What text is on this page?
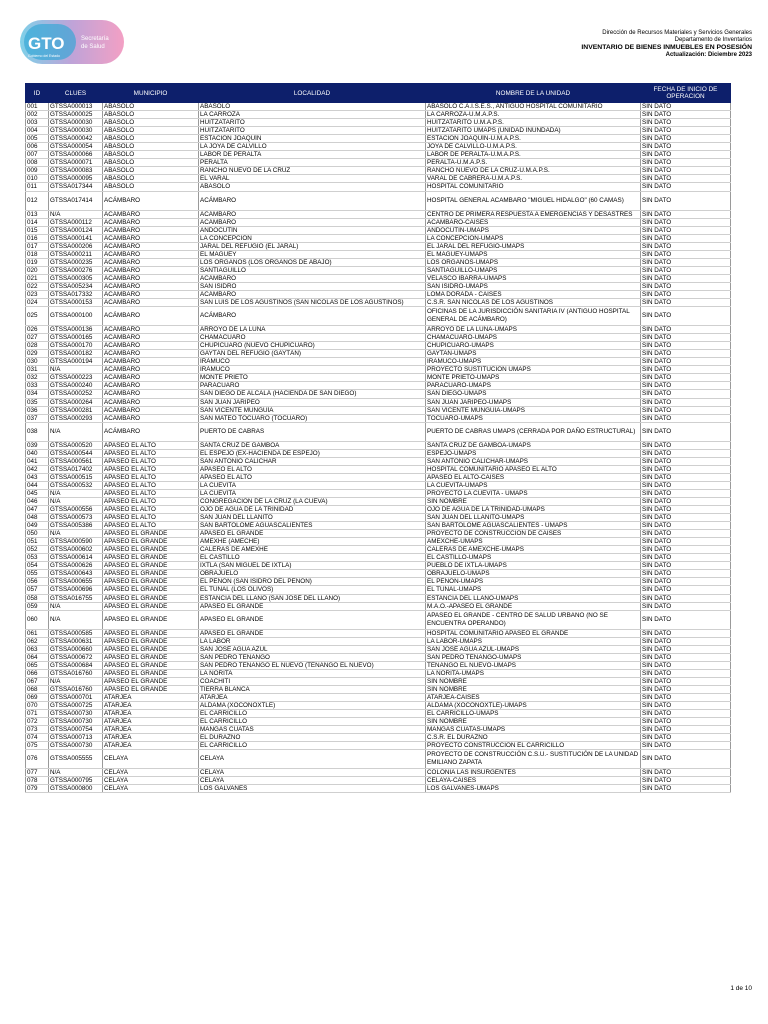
GTO
Gobierno del Estado
Secretaría
de Salud
Dirección de Recursos Materiales y Servicios Generales
Departamento de Inventarios
INVENTARIO DE BIENES INMUEBLES EN POSESIÓN
Actualización: Diciembre 2023
ID	CLUES	MUNICIPIO	LOCALIDAD	NOMBRE DE LA UNIDAD	FECHA DE INICIO DE OPERACION
001	GTSSA000013	ABASOLO	ABASOLO	ABASOLO C.A.I.S.E.S., ANTIGUO HOSPITAL COMUNITARIO	SIN DATO
002	GTSSA000025	ABASOLO	LA CARROZA	LA CARROZA-U.M.A.P.S.	SIN DATO
003	GTSSA000030	ABASOLO	HUITZATARITO	HUITZATARITO U.M.A.P.S.	SIN DATO
004	GTSSA000030	ABASOLO	HUITZATARITO	HUITZATARITO UMAPS (UNIDAD INUNDADA)	SIN DATO
005	GTSSA000042	ABASOLO	ESTACIÓN JOAQUÍN	ESTACIÓN JOAQUÍN-U.M.A.P.S.	SIN DATO
006	GTSSA000054	ABASOLO	LA JOYA DE CALVILLO	JOYA DE CALVILLO-U.M.A.P.S.	SIN DATO
007	GTSSA000066	ABASOLO	LABOR DE PERALTA	LABOR DE PERALTA-U.M.A.P.S.	SIN DATO
008	GTSSA000071	ABASOLO	PERALTA	PERALTA-U.M.A.P.S.	SIN DATO
009	GTSSA000083	ABASOLO	RANCHO NUEVO DE LA CRUZ	RANCHO NUEVO DE LA CRUZ-U.M.A.P.S.	SIN DATO
010	GTSSA000095	ABASOLO	EL VARAL	VARAL DE CABRERA-U.M.A.P.S.	SIN DATO
011	GTSSA017344	ABASOLO	ABASOLO	HOSPITAL COMUNITARIO	SIN DATO
012	GTSSA017414	ACÁMBARO	ACÁMBARO	HOSPITAL GENERAL ACAMBARO "MIGUEL HIDALGO" (60 CAMAS)	SIN DATO
013	N/A	ACÁMBARO	ACÁMBARO	CENTRO DE PRIMERA RESPUESTA A EMERGENCIAS Y DESASTRES	SIN DATO
014	GTSSA000112	ACÁMBARO	ACÁMBARO	ACAMBARO-CAISES	SIN DATO
015	GTSSA000124	ACÁMBARO	ANDOCUTÍN	ANDOCUTIN-UMAPS	SIN DATO
016	GTSSA000141	ACÁMBARO	LA CONCEPCIÓN	LA CONCEPCIÓN-UMAPS	SIN DATO
017	GTSSA000206	ACÁMBARO	JARAL DEL REFUGIO (EL JARAL)	EL JARAL DEL REFUGIO-UMAPS	SIN DATO
018	GTSSA000211	ACÁMBARO	EL MAGUEY	EL MAGUEY-UMAPS	SIN DATO
019	GTSSA000235	ACÁMBARO	LOS ÓRGANOS (LOS ÓRGANOS DE ABAJO)	LOS ORGANOS-UMAPS	SIN DATO
020	GTSSA000276	ACÁMBARO	SANTIAGUILLO	SANTIAGUILLO-UMAPS	SIN DATO
021	GTSSA000305	ACÁMBARO	ACÁMBARO	VELASCO IBARRA-UMAPS	SIN DATO
022	GTSSA005234	ACÁMBARO	SAN ISIDRO	SAN ISIDRO-UMAPS	SIN DATO
023	GTSSA017332	ACÁMBARO	ACÁMBARO	LOMA DORADA - CAISES	SIN DATO
024	GTSSA000153	ACÁMBARO	SAN LUIS DE LOS AGUSTINOS (SAN NICOLAS DE LOS AGUSTINOS)	C.S.R. SAN NICOLAS DE LOS AGUSTINOS	SIN DATO
025	GTSSA000100	ACÁMBARO	ACÁMBARO	OFICINAS DE LA JURISDICCIÓN SANITARIA IV (ANTIGUO HOSPITAL GENERAL DE ACÁMBARO)	SIN DATO
026	GTSSA000136	ACÁMBARO	ARROYO DE LA LUNA	ARROYO DE LA LUNA-UMAPS	SIN DATO
027	GTSSA000165	ACÁMBARO	CHAMÁCUARO	CHAMACUARO-UMAPS	SIN DATO
028	GTSSA000170	ACÁMBARO	CHUPÍCUARO (NUEVO CHUPÍCUARO)	CHUPICUARO-UMAPS	SIN DATO
029	GTSSA000182	ACÁMBARO	GAYTÁN DEL REFUGIO (GAYTÁN)	GAYTAN-UMAPS	SIN DATO
030	GTSSA000194	ACÁMBARO	IRÁMUCO	IRAMUCO-UMAPS	SIN DATO
031	N/A	ACÁMBARO	IRÁMUCO	PROYECTO SUSTITUCIÓN UMAPS	SIN DATO
032	GTSSA000223	ACÁMBARO	MONTE PRIETO	MONTE PRIETO-UMAPS	SIN DATO
033	GTSSA000240	ACÁMBARO	PARÁCUARO	PARACUARO-UMAPS	SIN DATO
034	GTSSA000252	ACÁMBARO	SAN DIEGO DE ALCALÁ (HACIENDA DE SAN DIEGO)	SAN DIEGO-UMAPS	SIN DATO
035	GTSSA000264	ACÁMBARO	SAN JUAN JARIPEO	SAN JUAN JARIPEO-UMAPS	SIN DATO
036	GTSSA000281	ACÁMBARO	SAN VICENTE MUNGUÍA	SAN VICENTE MUNGUIA-UMAPS	SIN DATO
037	GTSSA000293	ACÁMBARO	SAN MATEO TÓCUARO (TÓCUARO)	TOCUARO-UMAPS	SIN DATO
038	N/A	ACÁMBARO	PUERTO DE CABRAS	PUERTO DE CABRAS UMAPS (CERRADA POR DAÑO ESTRUCTURAL)	SIN DATO
039	GTSSA000520	APASEO EL ALTO	SANTA CRUZ DE GAMBOA	SANTA CRUZ DE GAMBOA-UMAPS	SIN DATO
040	GTSSA000544	APASEO EL ALTO	EL ESPEJO (EX-HACIENDA DE ESPEJO)	ESPEJO-UMAPS	SIN DATO
041	GTSSA000561	APASEO EL ALTO	SAN ANTONIO CALICHAR	SAN ANTONIO CALICHAR-UMAPS	SIN DATO
042	GTSSA017402	APASEO EL ALTO	APASEO EL ALTO	HOSPITAL COMUNITARIO APASEO EL ALTO	SIN DATO
043	GTSSA000515	APASEO EL ALTO	APASEO EL ALTO	APASEO EL ALTO-CAISES	SIN DATO
044	GTSSA000532	APASEO EL ALTO	LA CUEVITA	LA CUEVITA-UMAPS	SIN DATO
045	N/A	APASEO EL ALTO	LA CUEVITA	PROYECTO LA CUEVITA - UMAPS	SIN DATO
046	N/A	APASEO EL ALTO	CONGREGACIÓN DE LA CRUZ (LA CUEVA)	SIN NOMBRE	SIN DATO
047	GTSSA000556	APASEO EL ALTO	OJO DE AGUA DE LA TRINIDAD	OJO DE AGUA DE LA TRINIDAD-UMAPS	SIN DATO
048	GTSSA000573	APASEO EL ALTO	SAN JUAN DEL LLANITO	SAN JUAN DEL LLANITO-UMAPS	SIN DATO
049	GTSSA005386	APASEO EL ALTO	SAN BARTOLOMÉ AGUASCALIENTES	SAN BARTOLOMÉ AGUASCALIENTES - UMAPS	SIN DATO
050	N/A	APASEO EL GRANDE	APASEO EL GRANDE	PROYECTO DE CONSTRUCCIÓN DE CAISES	SIN DATO
051	GTSSA000590	APASEO EL GRANDE	AMEXHE (AMECHE)	AMEXCHE-UMAPS	SIN DATO
052	GTSSA000602	APASEO EL GRANDE	CALERAS DE AMEXHE	CALERAS DE AMEXCHE-UMAPS	SIN DATO
053	GTSSA000614	APASEO EL GRANDE	EL CASTILLO	EL CASTILLO-UMAPS	SIN DATO
054	GTSSA000626	APASEO EL GRANDE	IXTLA (SAN MIGUEL DE IXTLA)	PUEBLO DE IXTLA-UMAPS	SIN DATO
055	GTSSA000643	APASEO EL GRANDE	OBRAJUELO	OBRAJUELO-UMAPS	SIN DATO
056	GTSSA000655	APASEO EL GRANDE	EL PEÑÓN (SAN ISIDRO DEL PEÑÓN)	EL PEÑON-UMAPS	SIN DATO
057	GTSSA000696	APASEO EL GRANDE	EL TUNAL (LOS OLIVOS)	EL TUNAL-UMAPS	SIN DATO
058	GTSSA016755	APASEO EL GRANDE	ESTANCIA DEL LLANO (SAN JOSÉ DEL LLANO)	ESTANCIA DEL LLANO-UMAPS	SIN DATO
059	N/A	APASEO EL GRANDE	APASEO EL GRANDE	M.A.O.-APASEO EL GRANDE	SIN DATO
060	N/A	APASEO EL GRANDE	APASEO EL GRANDE	APASEO EL GRANDE - CENTRO DE SALUD URBANO (NO SE ENCUENTRA OPERANDO)	SIN DATO
061	GTSSA000585	APASEO EL GRANDE	APASEO EL GRANDE	HOSPITAL COMUNITARIO APASEO EL GRANDE	SIN DATO
062	GTSSA000631	APASEO EL GRANDE	LA LABOR	LA LABOR-UMAPS	SIN DATO
063	GTSSA000660	APASEO EL GRANDE	SAN JOSÉ AGUA AZUL	SAN JOSÉ AGUA AZUL-UMAPS	SIN DATO
064	GTSSA000672	APASEO EL GRANDE	SAN PEDRO TENANGO	SAN PEDRO TENANGO-UMAPS	SIN DATO
065	GTSSA000684	APASEO EL GRANDE	SAN PEDRO TENANGO EL NUEVO (TENANGO EL NUEVO)	TENANGO EL NUEVO-UMAPS	SIN DATO
066	GTSSA016760	APASEO EL GRANDE	LA NORITA	LA NORITA-UMAPS	SIN DATO
067	N/A	APASEO EL GRANDE	COACHITI	SIN NOMBRE	SIN DATO
068	GTSSA016760	APASEO EL GRANDE	TIERRA BLANCA	SIN NOMBRE	SIN DATO
069	GTSSA000701	ATARJEA	ATARJEA	ATARJEA-CAISES	SIN DATO
070	GTSSA000725	ATARJEA	ALDAMA (XOCONOXTLE)	ALDAMA (XOCONOXTLE)-UMAPS	SIN DATO
071	GTSSA000730	ATARJEA	EL CARRICILLO	EL CARRICILLO-UMAPS	SIN DATO
072	GTSSA000730	ATARJEA	EL CARRICILLO	SIN NOMBRE	SIN DATO
073	GTSSA000754	ATARJEA	MANGAS CUATAS	MANGAS CUATAS-UMAPS	SIN DATO
074	GTSSA000713	ATARJEA	EL DURAZNO	C.S.R. EL DURAZNO	SIN DATO
075	GTSSA000730	ATARJEA	EL CARRICILLO	PROYECTO CONSTRUCCIÓN EL CARRICILLO	SIN DATO
076	GTSSA005555	CELAYA	CELAYA	PROYECTO DE CONSTRUCCIÓN C.S.U.- SUSTITUCIÓN DE LA UNIDAD EMILIANO ZAPATA	SIN DATO
077	N/A	CELAYA	CELAYA	COLONIA LAS INSURGENTES	SIN DATO
078	GTSSA000795	CELAYA	CELAYA	CELAYA-CAISES	SIN DATO
079	GTSSA000800	CELAYA	LOS GALVANES	LOS GALVANES-UMAPS	SIN DATO
1 de 10
